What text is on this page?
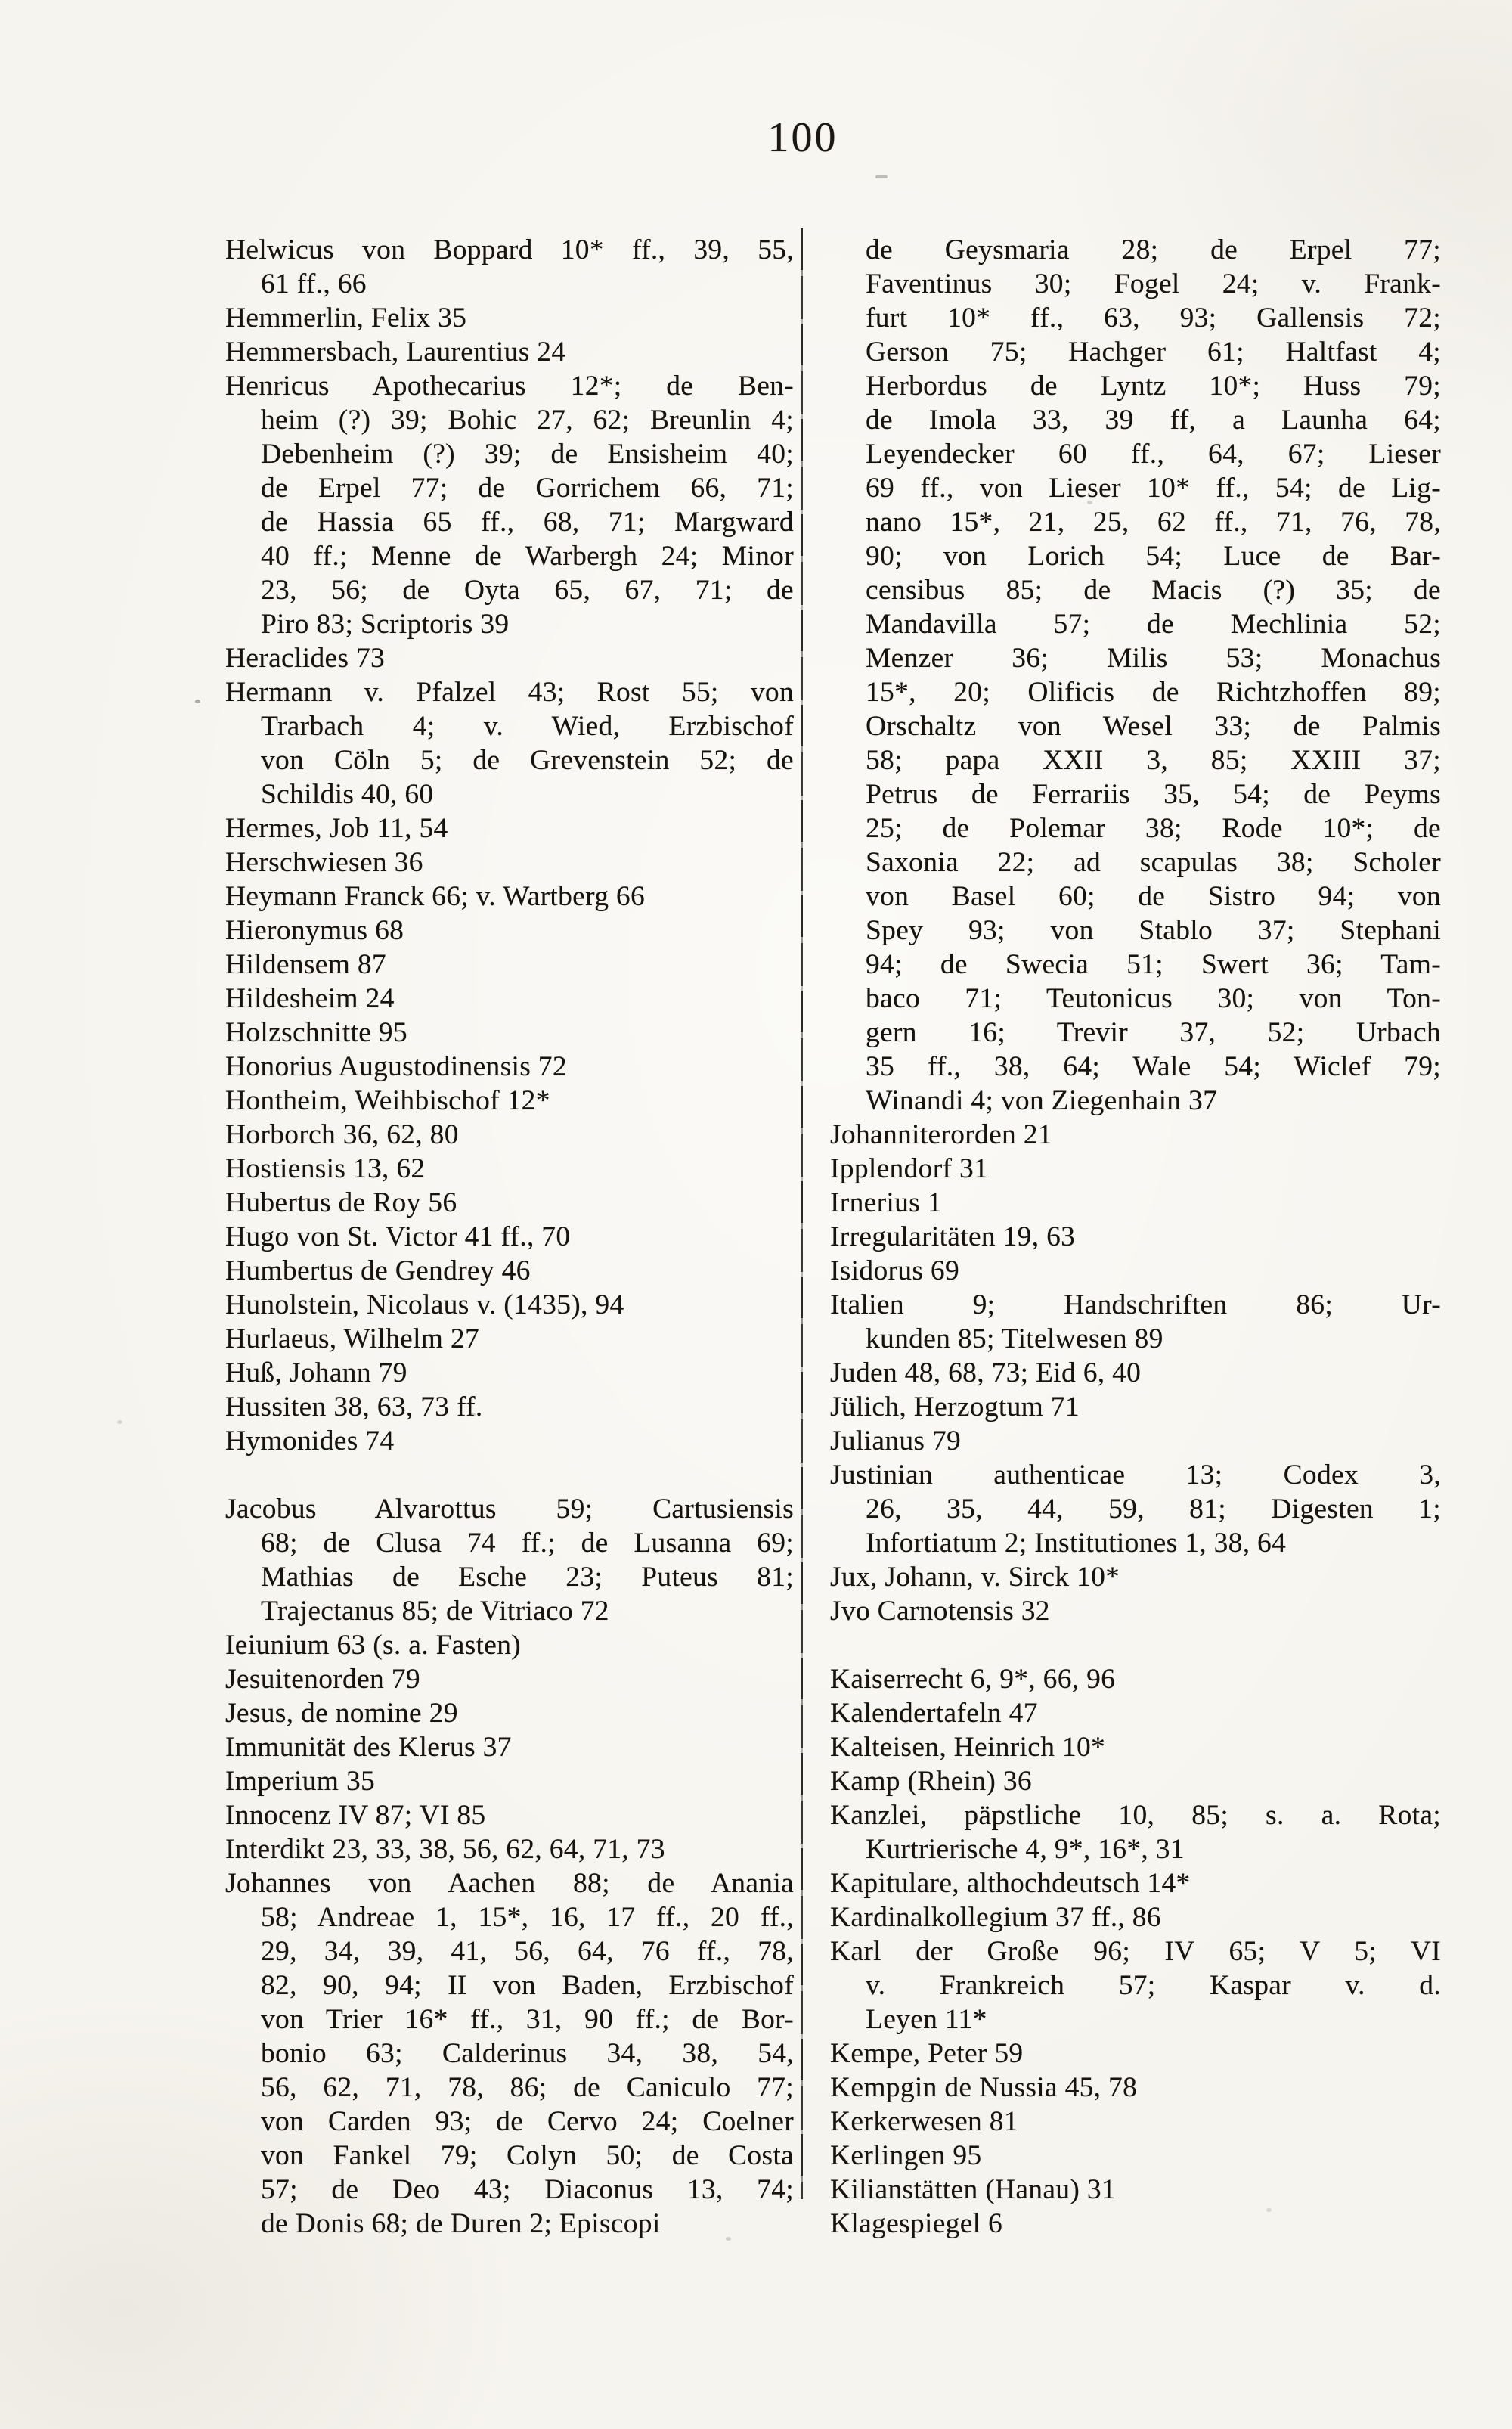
100
Helwicus von Boppard 10* ff., 39, 55,
61 ff., 66
Hemmerlin, Felix 35
Hemmersbach, Laurentius 24
Henricus Apothecarius 12*; de Ben-
heim (?) 39; Bohic 27, 62; Breunlin 4;
Debenheim (?) 39; de Ensisheim 40;
de Erpel 77; de Gorrichem 66, 71;
de Hassia 65 ff., 68, 71; Margward
40 ff.; Menne de Warbergh 24; Minor
23, 56; de Oyta 65, 67, 71; de
Piro 83; Scriptoris 39
Heraclides 73
Hermann v. Pfalzel 43; Rost 55; von
Trarbach 4; v. Wied, Erzbischof
von Cöln 5; de Grevenstein 52; de
Schildis 40, 60
Hermes, Job 11, 54
Herschwiesen 36
Heymann Franck 66; v. Wartberg 66
Hieronymus 68
Hildensem 87
Hildesheim 24
Holzschnitte 95
Honorius Augustodinensis 72
Hontheim, Weihbischof 12*
Horborch 36, 62, 80
Hostiensis 13, 62
Hubertus de Roy 56
Hugo von St. Victor 41 ff., 70
Humbertus de Gendrey 46
Hunolstein, Nicolaus v. (1435), 94
Hurlaeus, Wilhelm 27
Huß, Johann 79
Hussiten 38, 63, 73 ff.
Hymonides 74
Jacobus Alvarottus 59; Cartusiensis
68; de Clusa 74 ff.; de Lusanna 69;
Mathias de Esche 23; Puteus 81;
Trajectanus 85; de Vitriaco 72
Ieiunium 63 (s. a. Fasten)
Jesuitenorden 79
Jesus, de nomine 29
Immunität des Klerus 37
Imperium 35
Innocenz IV 87; VI 85
Interdikt 23, 33, 38, 56, 62, 64, 71, 73
Johannes von Aachen 88; de Anania
58; Andreae 1, 15*, 16, 17 ff., 20 ff.,
29, 34, 39, 41, 56, 64, 76 ff., 78,
82, 90, 94; II von Baden, Erzbischof
von Trier 16* ff., 31, 90 ff.; de Bor-
bonio 63; Calderinus 34, 38, 54,
56, 62, 71, 78, 86; de Caniculo 77;
von Carden 93; de Cervo 24; Coelner
von Fankel 79; Colyn 50; de Costa
57; de Deo 43; Diaconus 13, 74;
de Donis 68; de Duren 2; Episcopi
de Geysmaria 28; de Erpel 77;
Faventinus 30; Fogel 24; v. Frank-
furt 10* ff., 63, 93; Gallensis 72;
Gerson 75; Hachger 61; Haltfast 4;
Herbordus de Lyntz 10*; Huss 79;
de Imola 33, 39 ff, a Launha 64;
Leyendecker 60 ff., 64, 67; Lieser
69 ff., von Lieser 10* ff., 54; de Lig-
nano 15*, 21, 25, 62 ff., 71, 76, 78,
90; von Lorich 54; Luce de Bar-
censibus 85; de Macis (?) 35; de
Mandavilla 57; de Mechlinia 52;
Menzer 36; Milis 53; Monachus
15*, 20; Olificis de Richtzhoffen 89;
Orschaltz von Wesel 33; de Palmis
58; papa XXII 3, 85; XXIII 37;
Petrus de Ferrariis 35, 54; de Peyms
25; de Polemar 38; Rode 10*; de
Saxonia 22; ad scapulas 38; Scholer
von Basel 60; de Sistro 94; von
Spey 93; von Stablo 37; Stephani
94; de Swecia 51; Swert 36; Tam-
baco 71; Teutonicus 30; von Ton-
gern 16; Trevir 37, 52; Urbach
35 ff., 38, 64; Wale 54; Wiclef 79;
Winandi 4; von Ziegenhain 37
Johanniterorden 21
Ipplendorf 31
Irnerius 1
Irregularitäten 19, 63
Isidorus 69
Italien 9; Handschriften 86; Ur-
kunden 85; Titelwesen 89
Juden 48, 68, 73; Eid 6, 40
Jülich, Herzogtum 71
Julianus 79
Justinian authenticae 13; Codex 3,
26, 35, 44, 59, 81; Digesten 1;
Infortiatum 2; Institutiones 1, 38, 64
Jux, Johann, v. Sirck 10*
Jvo Carnotensis 32
Kaiserrecht 6, 9*, 66, 96
Kalendertafeln 47
Kalteisen, Heinrich 10*
Kamp (Rhein) 36
Kanzlei, päpstliche 10, 85; s. a. Rota;
Kurtrierische 4, 9*, 16*, 31
Kapitulare, althochdeutsch 14*
Kardinalkollegium 37 ff., 86
Karl der Große 96; IV 65; V 5; VI
v. Frankreich 57; Kaspar v. d.
Leyen 11*
Kempe, Peter 59
Kempgin de Nussia 45, 78
Kerkerwesen 81
Kerlingen 95
Kilianstätten (Hanau) 31
Klagespiegel 6
